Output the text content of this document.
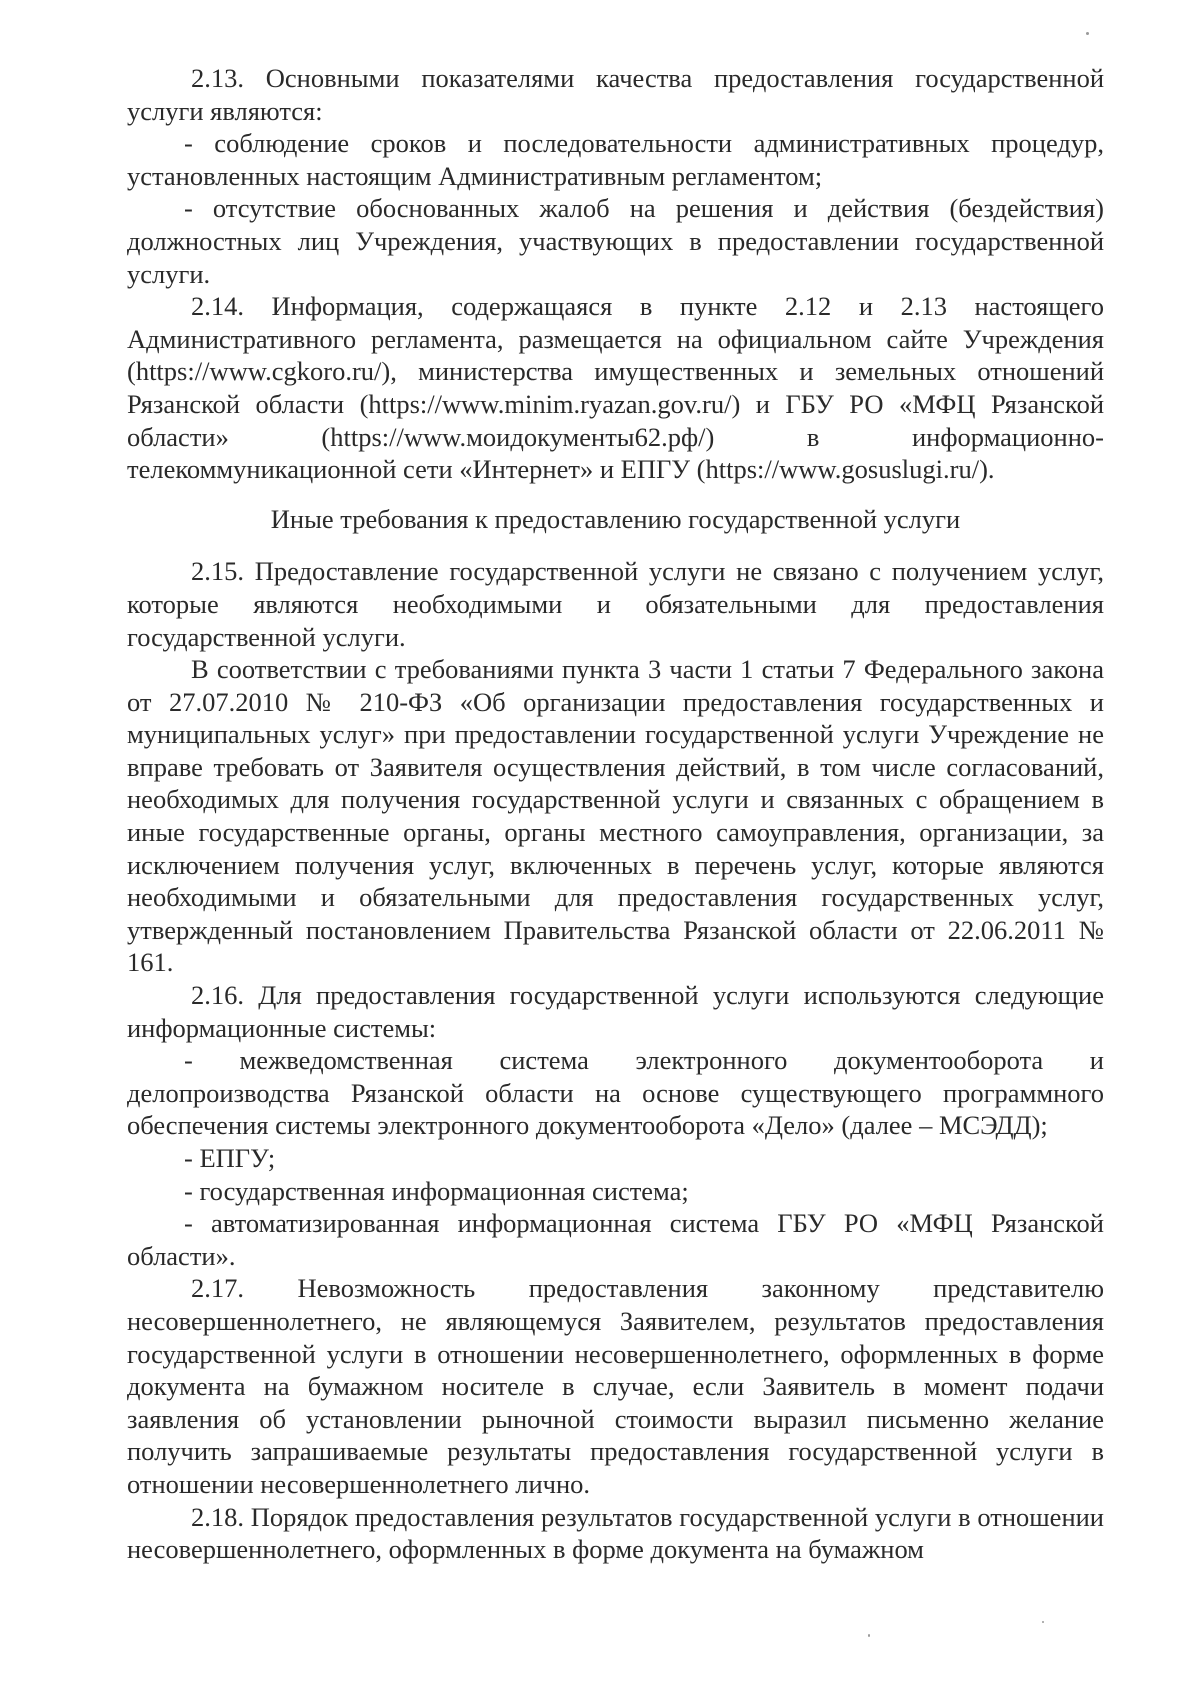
2.13. Основными показателями качества предоставления государственной услуги являются:

- соблюдение сроков и последовательности административных процедур, установленных настоящим Административным регламентом;

- отсутствие обоснованных жалоб на решения и действия (бездействия) должностных лиц Учреждения, участвующих в предоставлении государственной услуги.

2.14. Информация, содержащаяся в пункте 2.12 и 2.13 настоящего Административного регламента, размещается на официальном сайте Учреждения (https://www.cgkoro.ru/), министерства имущественных и земельных отношений Рязанской области (https://www.minim.ryazan.gov.ru/) и ГБУ РО «МФЦ Рязанской области» (https://www.моидокументы62.рф/) в информационно-телекоммуникационной сети «Интернет» и ЕПГУ (https://www.gosuslugi.ru/).

Иные требования к предоставлению государственной услуги

2.15. Предоставление государственной услуги не связано с получением услуг, которые являются необходимыми и обязательными для предоставления государственной услуги.

В соответствии с требованиями пункта 3 части 1 статьи 7 Федерального закона от 27.07.2010 № 210-ФЗ «Об организации предоставления государственных и муниципальных услуг» при предоставлении государственной услуги Учреждение не вправе требовать от Заявителя осуществления действий, в том числе согласований, необходимых для получения государственной услуги и связанных с обращением в иные государственные органы, органы местного самоуправления, организации, за исключением получения услуг, включенных в перечень услуг, которые являются необходимыми и обязательными для предоставления государственных услуг, утвержденный постановлением Правительства Рязанской области от 22.06.2011 № 161.

2.16. Для предоставления государственной услуги используются следующие информационные системы:

- межведомственная система электронного документооборота и делопроизводства Рязанской области на основе существующего программного обеспечения системы электронного документооборота «Дело» (далее – МСЭДД);

- ЕПГУ;

- государственная информационная система;

- автоматизированная информационная система ГБУ РО «МФЦ Рязанской области».

2.17. Невозможность предоставления законному представителю несовершеннолетнего, не являющемуся Заявителем, результатов предоставления государственной услуги в отношении несовершеннолетнего, оформленных в форме документа на бумажном носителе в случае, если Заявитель в момент подачи заявления об установлении рыночной стоимости выразил письменно желание получить запрашиваемые результаты предоставления государственной услуги в отношении несовершеннолетнего лично.

2.18. Порядок предоставления результатов государственной услуги в отношении несовершеннолетнего, оформленных в форме документа на бумажном
